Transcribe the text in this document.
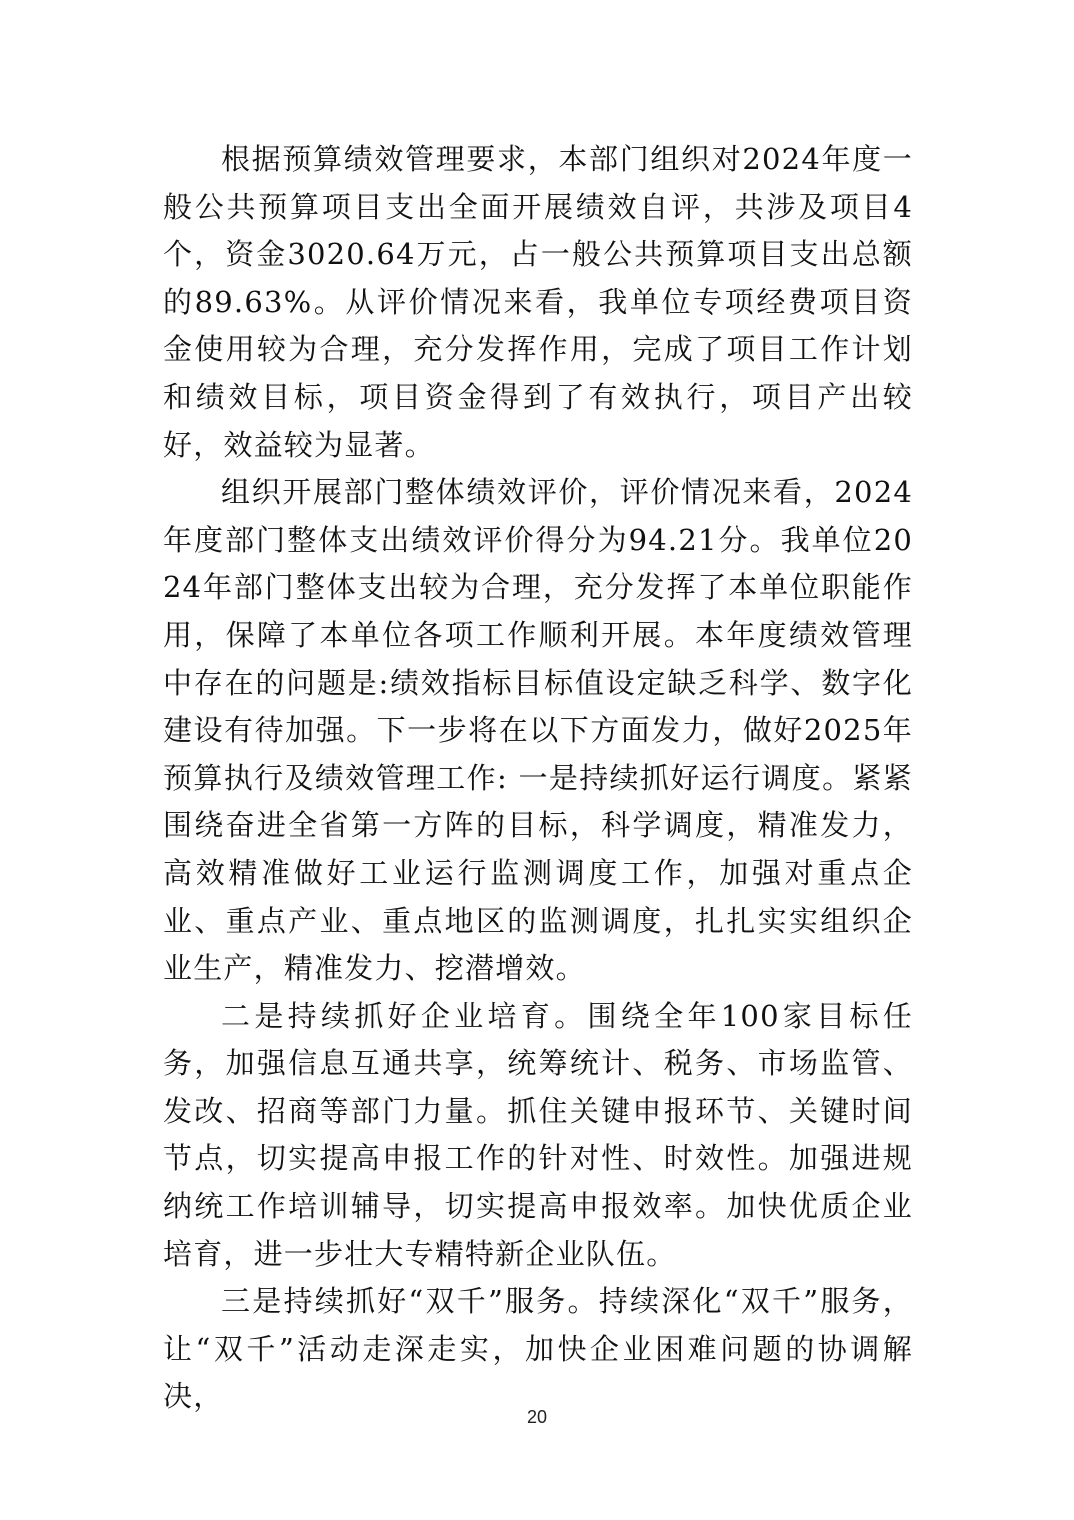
根据预算绩效管理要求，本部门组织对2024年度一般公共预算项目支出全面开展绩效自评，共涉及项目4个，资金3020.64万元，占一般公共预算项目支出总额的89.63%。从评价情况来看，我单位专项经费项目资金使用较为合理，充分发挥作用，完成了项目工作计划和绩效目标，项目资金得到了有效执行，项目产出较好，效益较为显著。

组织开展部门整体绩效评价，评价情况来看，2024年度部门整体支出绩效评价得分为94.21分。我单位2024年部门整体支出较为合理，充分发挥了本单位职能作用，保障了本单位各项工作顺利开展。本年度绩效管理中存在的问题是:绩效指标目标值设定缺乏科学、数字化建设有待加强。下一步将在以下方面发力，做好2025年预算执行及绩效管理工作: 一是持续抓好运行调度。紧紧围绕奋进全省第一方阵的目标，科学调度，精准发力，高效精准做好工业运行监测调度工作，加强对重点企业、重点产业、重点地区的监测调度，扎扎实实组织企业生产，精准发力、挖潜增效。

二是持续抓好企业培育。围绕全年100家目标任务，加强信息互通共享，统筹统计、税务、市场监管、发改、招商等部门力量。抓住关键申报环节、关键时间节点，切实提高申报工作的针对性、时效性。加强进规纳统工作培训辅导，切实提高申报效率。加快优质企业培育，进一步壮大专精特新企业队伍。

三是持续抓好“双千”服务。持续深化“双千”服务，让“双千”活动走深走实，加快企业困难问题的协调解决，

20
